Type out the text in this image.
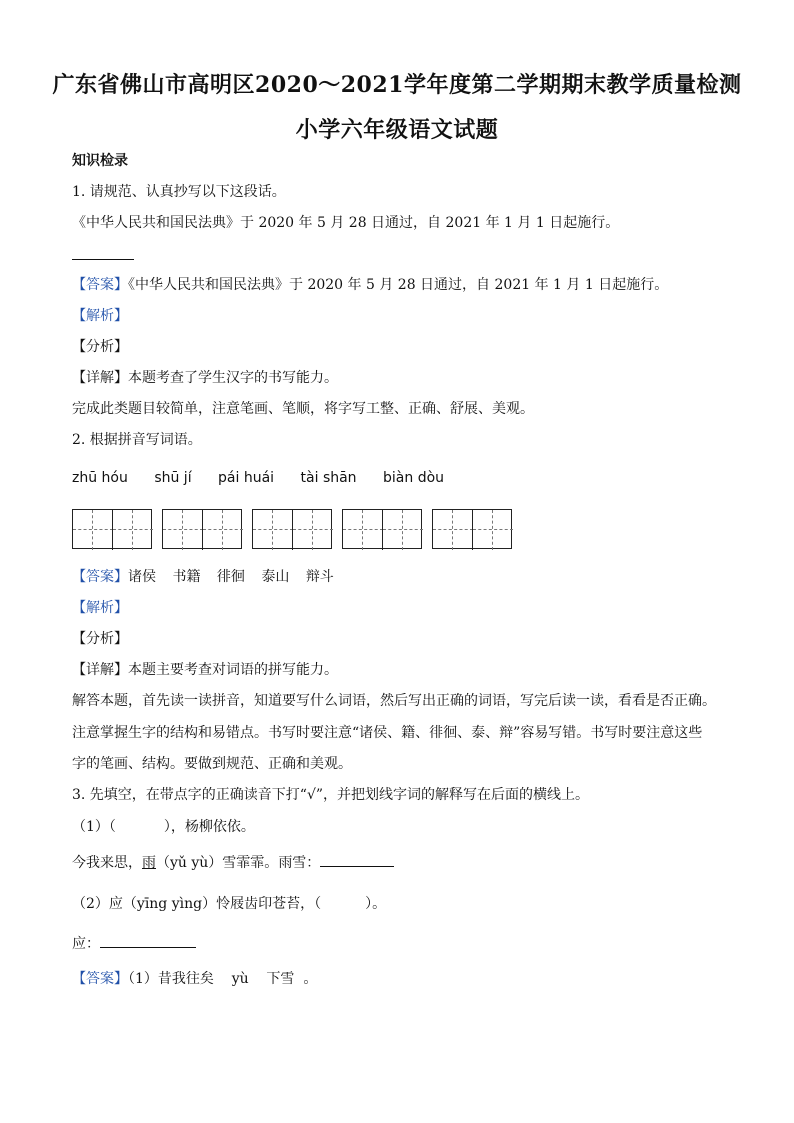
广东省佛山市高明区2020～2021学年度第二学期期末教学质量检测
小学六年级语文试题
知识检录
1. 请规范、认真抄写以下这段话。
《中华人民共和国民法典》于 2020 年 5 月 28 日通过，自 2021 年 1 月 1 日起施行。
【答案】《中华人民共和国民法典》于 2020 年 5 月 28 日通过，自 2021 年 1 月 1 日起施行。
【解析】
【分析】
【详解】本题考查了学生汉字的书写能力。
完成此类题目较简单，注意笔画、笔顺，将字写工整、正确、舒展、美观。
2. 根据拼音写词语。
zhū hóu shū jí pái huái tài shān biàn dòu
【答案】诸侯 书籍 徘徊 泰山 辩斗
【解析】
【分析】
【详解】本题主要考查对词语的拼写能力。
解答本题，首先读一读拼音，知道要写什么词语，然后写出正确的词语，写完后读一读，看看是否正确。
注意掌握生字的结构和易错点。书写时要注意“诸侯、籍、徘徊、泰、辩”容易写错。书写时要注意这些
字的笔画、结构。要做到规范、正确和美观。
3. 先填空，在带点字的正确读音下打“√”，并把划线字词的解释写在后面的横线上。
（1）（	），杨柳依依。
今我来思，雨（yǔ yù）雪霏霏。雨雪：
（2）应（yīng yìng）怜屐齿印苍苔，（	）。
应：
【答案】（1）昔我往矣    yù    下雪  。
